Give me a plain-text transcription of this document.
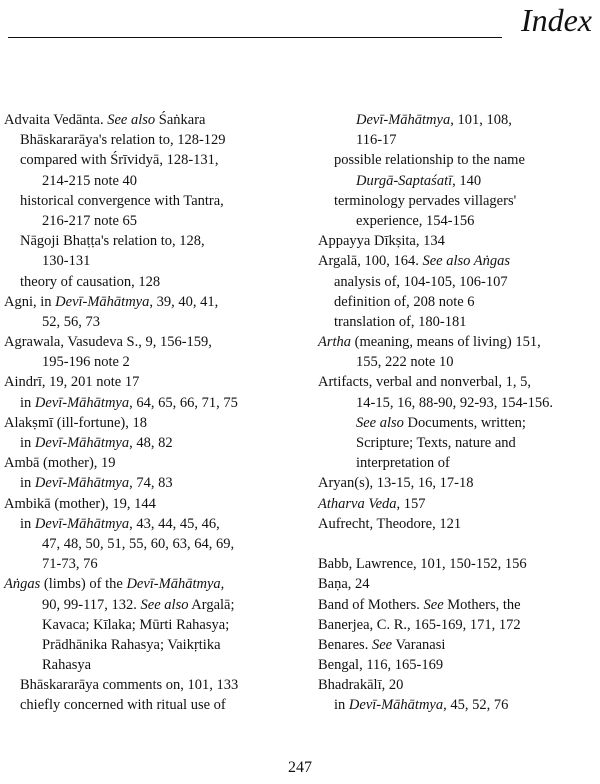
Index
Advaita Vedānta. See also Śaṅkara
Bhāskararāya's relation to, 128-129
compared with Śrīvidyā, 128-131,
214-215 note 40
historical convergence with Tantra,
216-217 note 65
Nāgoji Bhaṭṭa's relation to, 128,
130-131
theory of causation, 128
Agni, in Devī-Māhātmya, 39, 40, 41,
52, 56, 73
Agrawala, Vasudeva S., 9, 156-159,
195-196 note 2
Aindrī, 19, 201 note 17
in Devī-Māhātmya, 64, 65, 66, 71, 75
Alakṣmī (ill-fortune), 18
in Devī-Māhātmya, 48, 82
Ambā (mother), 19
in Devī-Māhātmya, 74, 83
Ambikā (mother), 19, 144
in Devī-Māhātmya, 43, 44, 45, 46,
47, 48, 50, 51, 55, 60, 63, 64, 69,
71-73, 76
Aṅgas (limbs) of the Devī-Māhātmya,
90, 99-117, 132. See also Argalā;
Kavaca; Kīlaka; Mūrti Rahasya;
Prādhānika Rahasya; Vaikṛtika
Rahasya
Bhāskararāya comments on, 101, 133
chiefly concerned with ritual use of
Devī-Māhātmya, 101, 108,
116-17
possible relationship to the name
Durgā-Saptaśatī, 140
terminology pervades villagers'
experience, 154-156
Appayya Dīkṣita, 134
Argalā, 100, 164. See also Aṅgas
analysis of, 104-105, 106-107
definition of, 208 note 6
translation of, 180-181
Artha (meaning, means of living) 151,
155, 222 note 10
Artifacts, verbal and nonverbal, 1, 5,
14-15, 16, 88-90, 92-93, 154-156.
See also Documents, written;
Scripture; Texts, nature and
interpretation of
Aryan(s), 13-15, 16, 17-18
Atharva Veda, 157
Aufrecht, Theodore, 121
Babb, Lawrence, 101, 150-152, 156
Baṇa, 24
Band of Mothers. See Mothers, the
Banerjea, C. R., 165-169, 171, 172
Benares. See Varanasi
Bengal, 116, 165-169
Bhadrakālī, 20
in Devī-Māhātmya, 45, 52, 76
247
